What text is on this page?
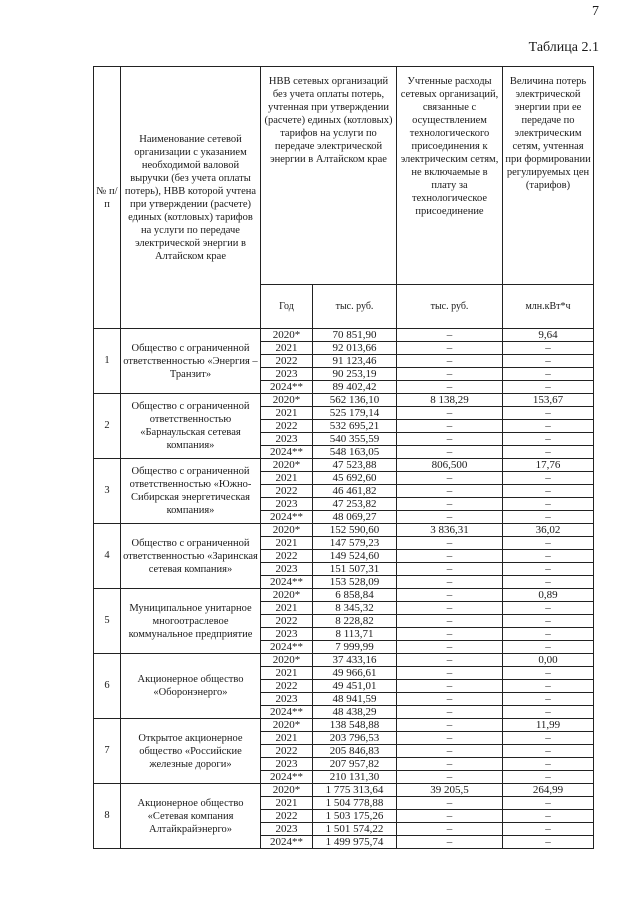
7
Таблица 2.1
№ п/п	Наименование сетевой организации с указанием необходимой валовой выручки (без учета оплаты потерь), НВВ которой учтена при утверждении (расчете) единых (котловых) тарифов на услуги по передаче электрической энергии в Алтайском крае	НВВ сетевых организаций без учета оплаты потерь, учтенная при утверждении (расчете) единых (котловых) тарифов на услуги по передаче электрической энергии в Алтайском крае		Учтенные расходы сетевых организаций, связанные с осуществлением технологического присоединения к электрическим сетям, не включаемые в плату за технологическое присоединение	Величина потерь электрической энергии при ее передаче по электрическим сетям, учтенная при формировании регулируемых цен (тарифов)
		Год	тыс. руб.	тыс. руб.	млн.кВт*ч
1	Общество с ограниченной ответственностью «Энергия – Транзит»	2020*	70 851,90	–	9,64
		2021	92 013,66	–	–
		2022	91 123,46	–	–
		2023	90 253,19	–	–
		2024**	89 402,42	–	–
2	Общество с ограниченной ответственностью «Барнаульская сетевая компания»	2020*	562 136,10	8 138,29	153,67
		2021	525 179,14	–	–
		2022	532 695,21	–	–
		2023	540 355,59	–	–
		2024**	548 163,05	–	–
3	Общество с ограниченной ответственностью «Южно-Сибирская энергетическая компания»	2020*	47 523,88	806,500	17,76
		2021	45 692,60	–	–
		2022	46 461,82	–	–
		2023	47 253,82	–	–
		2024**	48 069,27	–	–
4	Общество с ограниченной ответственностью «Заринская сетевая компания»	2020*	152 590,60	3 836,31	36,02
		2021	147 579,23	–	–
		2022	149 524,60	–	–
		2023	151 507,31	–	–
		2024**	153 528,09	–	–
5	Муниципальное унитарное многоотраслевое коммунальное предприятие	2020*	6 858,84	–	0,89
		2021	8 345,32	–	–
		2022	8 228,82	–	–
		2023	8 113,71	–	–
		2024**	7 999,99	–	–
6	Акционерное общество «Оборонэнерго»	2020*	37 433,16	–	0,00
		2021	49 966,61	–	–
		2022	49 451,01	–	–
		2023	48 941,59	–	–
		2024**	48 438,29	–	–
7	Открытое акционерное общество «Российские железные дороги»	2020*	138 548,88	–	11,99
		2021	203 796,53	–	–
		2022	205 846,83	–	–
		2023	207 957,82	–	–
		2024**	210 131,30	–	–
8	Акционерное общество «Сетевая компания Алтайкрайэнерго»	2020*	1 775 313,64	39 205,5	264,99
		2021	1 504 778,88	–	–
		2022	1 503 175,26	–	–
		2023	1 501 574,22	–	–
		2024**	1 499 975,74	–	–
